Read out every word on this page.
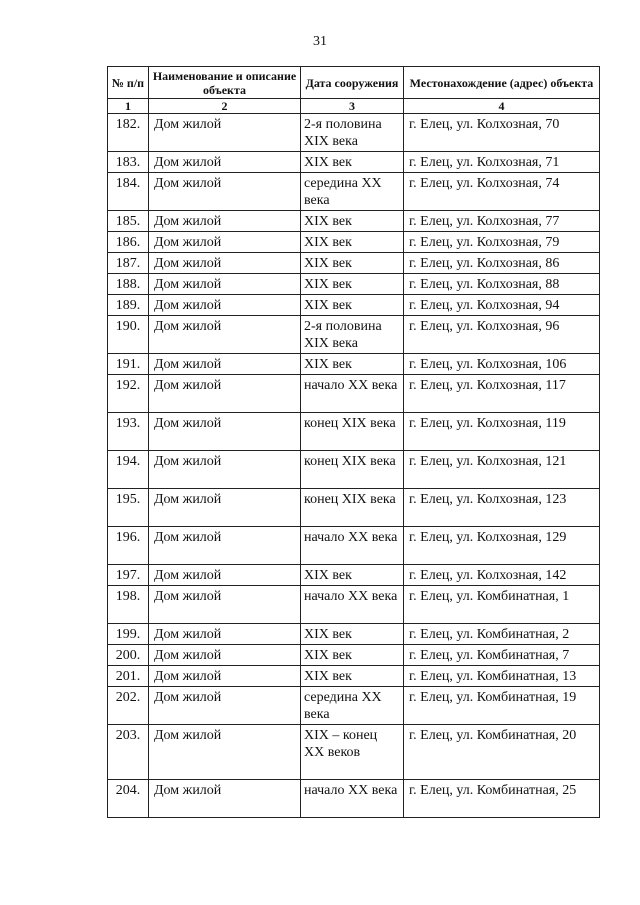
31
№ п/п	Наименование и описание объекта	Дата сооружения	Местонахождение (адрес) объекта
1	2	3	4
182.	Дом жилой	2-я половина XIX века	г. Елец, ул. Колхозная, 70
183.	Дом жилой	XIX век	г. Елец, ул. Колхозная, 71
184.	Дом жилой	середина XX века	г. Елец, ул. Колхозная, 74
185.	Дом жилой	XIX век	г. Елец, ул. Колхозная, 77
186.	Дом жилой	XIX век	г. Елец, ул. Колхозная, 79
187.	Дом жилой	XIX век	г. Елец, ул. Колхозная, 86
188.	Дом жилой	XIX век	г. Елец, ул. Колхозная, 88
189.	Дом жилой	XIX век	г. Елец, ул. Колхозная, 94
190.	Дом жилой	2-я половина XIX века	г. Елец, ул. Колхозная, 96
191.	Дом жилой	XIX век	г. Елец, ул. Колхозная, 106
192.	Дом жилой	начало XX века	г. Елец, ул. Колхозная, 117
193.	Дом жилой	конец XIX века	г. Елец, ул. Колхозная, 119
194.	Дом жилой	конец XIX века	г. Елец, ул. Колхозная, 121
195.	Дом жилой	конец XIX века	г. Елец, ул. Колхозная, 123
196.	Дом жилой	начало XX века	г. Елец, ул. Колхозная, 129
197.	Дом жилой	XIX век	г. Елец, ул. Колхозная, 142
198.	Дом жилой	начало XX века	г. Елец, ул. Комбинатная, 1
199.	Дом жилой	XIX век	г. Елец, ул. Комбинатная, 2
200.	Дом жилой	XIX век	г. Елец, ул. Комбинатная, 7
201.	Дом жилой	XIX век	г. Елец, ул. Комбинатная, 13
202.	Дом жилой	середина XX века	г. Елец, ул. Комбинатная, 19
203.	Дом жилой	XIX – конец XX веков	г. Елец, ул. Комбинатная, 20
204.	Дом жилой	начало XX века	г. Елец, ул. Комбинатная, 25
